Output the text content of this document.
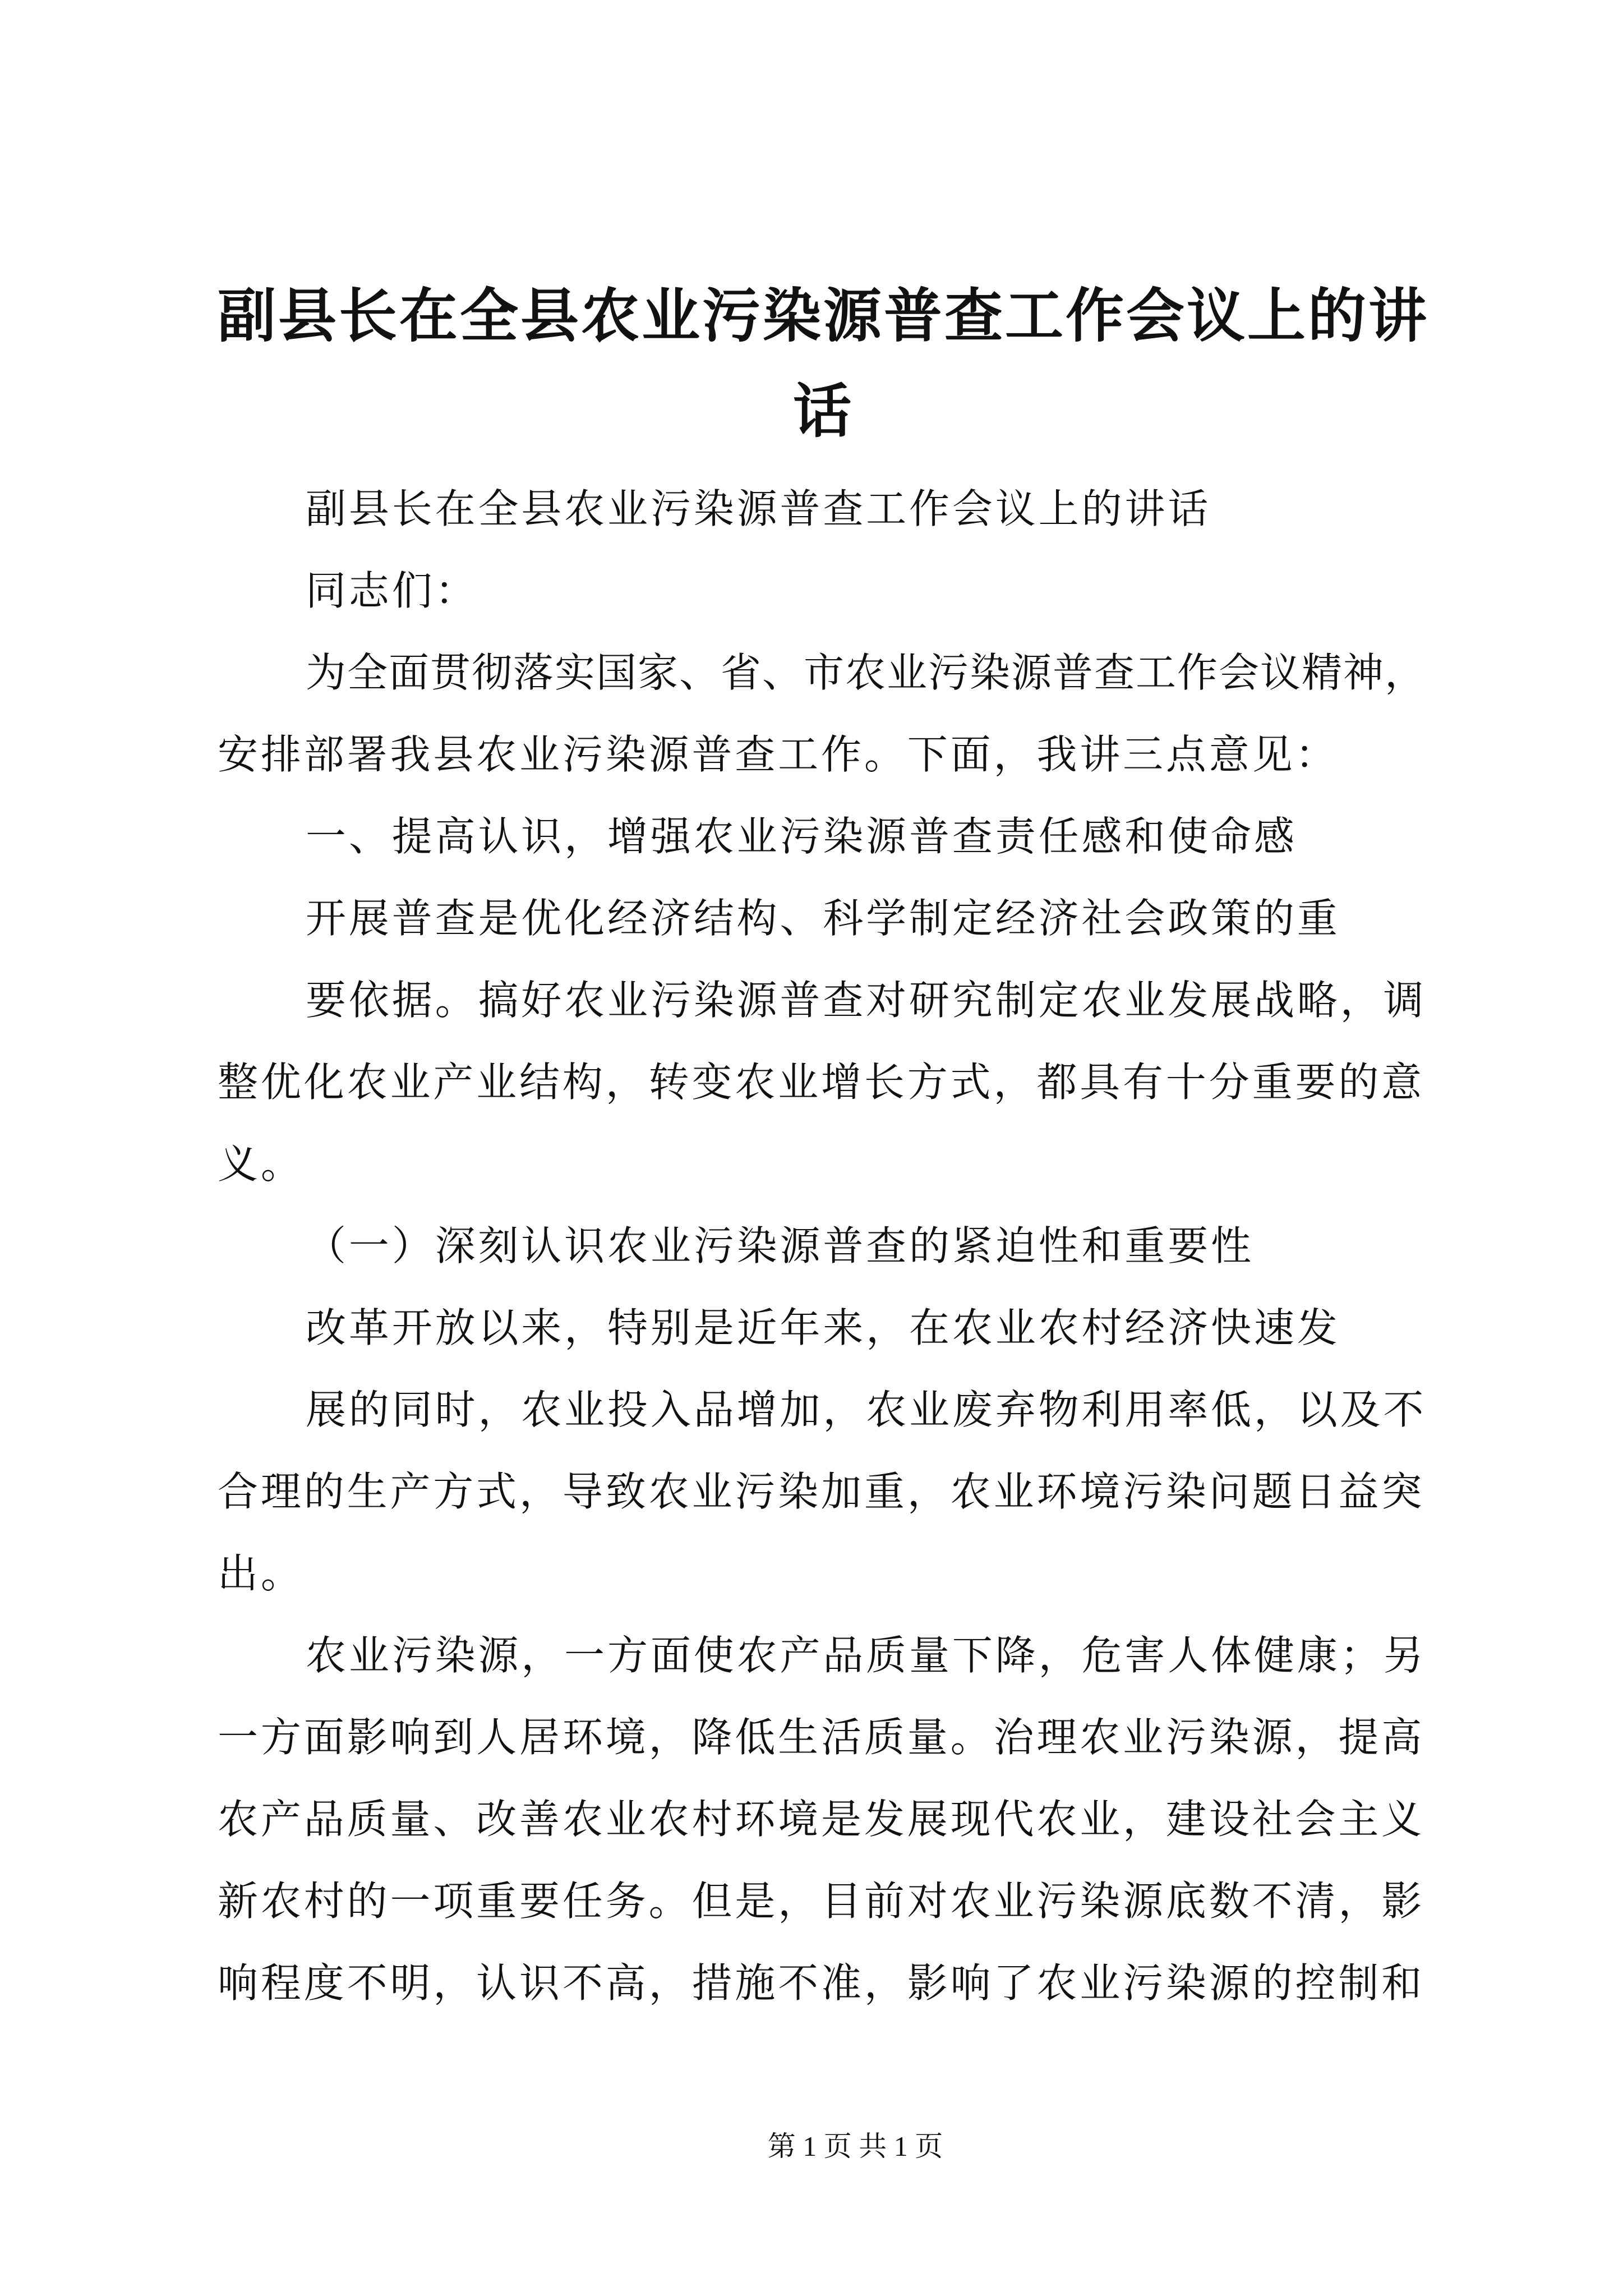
副县长在全县农业污染源普查工作会议上的讲
话
副县长在全县农业污染源普查工作会议上的讲话
同志们：
为全面贯彻落实国家、省、市农业污染源普查工作会议精神，
安排部署我县农业污染源普查工作。下面，我讲三点意见：
一、提高认识，增强农业污染源普查责任感和使命感
开展普查是优化经济结构、科学制定经济社会政策的重
要依据。搞好农业污染源普查对研究制定农业发展战略，调
整优化农业产业结构，转变农业增长方式，都具有十分重要的意
义。
（一）深刻认识农业污染源普查的紧迫性和重要性
改革开放以来，特别是近年来，在农业农村经济快速发
展的同时，农业投入品增加，农业废弃物利用率低，以及不
合理的生产方式，导致农业污染加重，农业环境污染问题日益突
出。
农业污染源，一方面使农产品质量下降，危害人体健康；另
一方面影响到人居环境，降低生活质量。治理农业污染源，提高
农产品质量、改善农业农村环境是发展现代农业，建设社会主义
新农村的一项重要任务。但是，目前对农业污染源底数不清，影
响程度不明，认识不高，措施不准，影响了农业污染源的控制和
第 1 页 共 1 页
